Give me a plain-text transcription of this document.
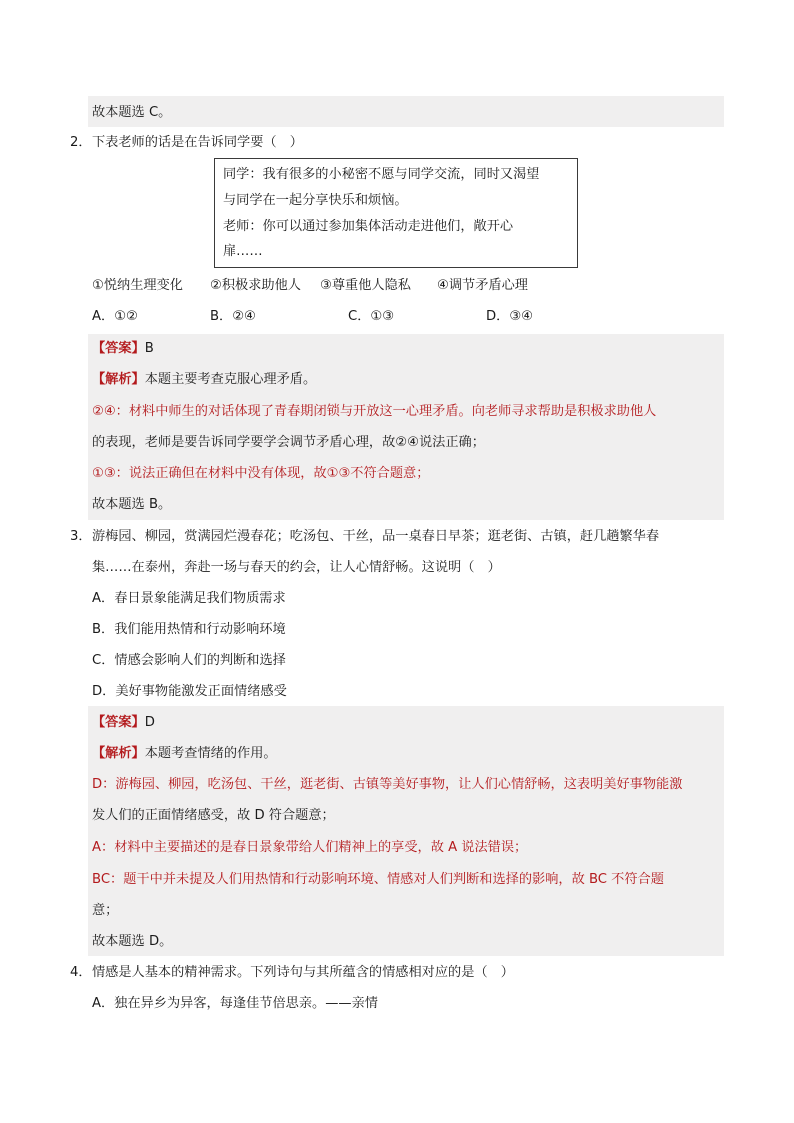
故本题选 C。
2． 下表老师的话是在告诉同学要（　）
同学：我有很多的小秘密不愿与同学交流，同时又渴望
与同学在一起分享快乐和烦恼。
老师：你可以通过参加集体活动走进他们，敞开心
扉……
①悦纳生理变化 ②积极求助他人 ③尊重他人隐私 ④调节矛盾心理
A．①②	B．②④	C．①③	D．③④
【答案】B
【解析】本题主要考查克服心理矛盾。
②④：材料中师生的对话体现了青春期闭锁与开放这一心理矛盾。向老师寻求帮助是积极求助他人
的表现，老师是要告诉同学要学会调节矛盾心理，故②④说法正确；
①③：说法正确但在材料中没有体现，故①③不符合题意；
故本题选 B。
3． 游梅园、柳园，赏满园烂漫春花；吃汤包、干丝，品一桌春日早茶；逛老街、古镇，赶几趟繁华春
集……在泰州，奔赴一场与春天的约会，让人心情舒畅。这说明（　）
A．春日景象能满足我们物质需求
B．我们能用热情和行动影响环境
C．情感会影响人们的判断和选择
D．美好事物能激发正面情绪感受
【答案】D
【解析】本题考查情绪的作用。
D：游梅园、柳园，吃汤包、干丝，逛老街、古镇等美好事物，让人们心情舒畅，这表明美好事物能激
发人们的正面情绪感受，故 D 符合题意；
A：材料中主要描述的是春日景象带给人们精神上的享受，故 A 说法错误；
BC：题干中并未提及人们用热情和行动影响环境、情感对人们判断和选择的影响，故 BC 不符合题
意；
故本题选 D。
4． 情感是人基本的精神需求。下列诗句与其所蕴含的情感相对应的是（　）
A．独在异乡为异客，每逢佳节倍思亲。——亲情
